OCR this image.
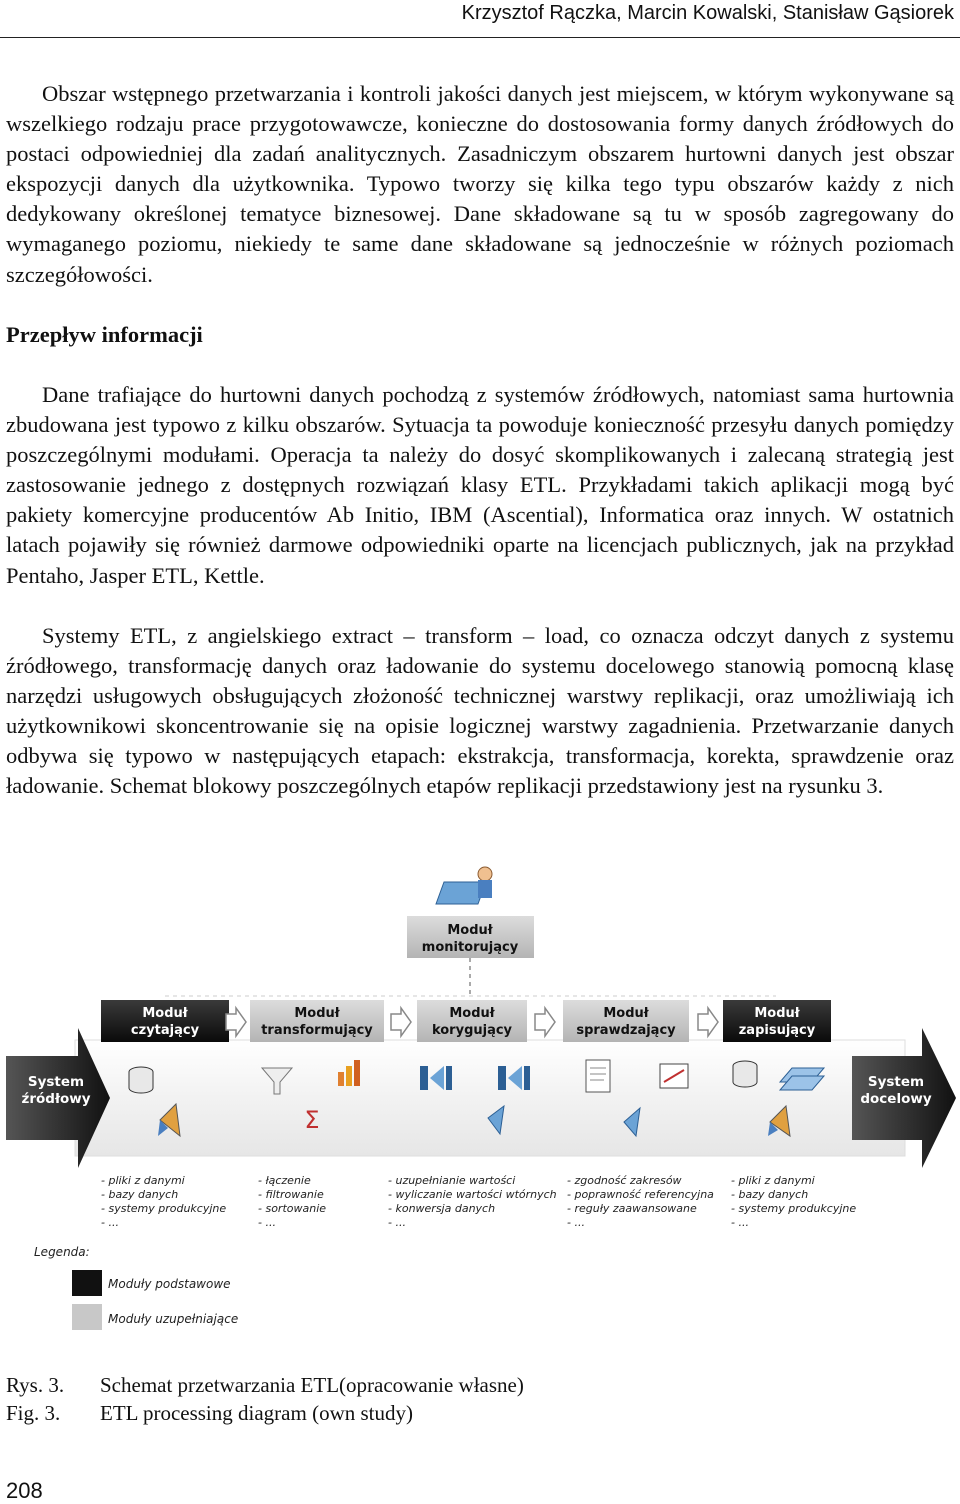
Krzysztof Rączka, Marcin Kowalski, Stanisław Gąsiorek

Obszar wstępnego przetwarzania i kontroli jakości danych jest miejscem, w którym wykonywane są wszelkiego rodzaju prace przygotowawcze, konieczne do dostosowania formy danych źródłowych do postaci odpowiedniej dla zadań analitycznych. Zasadniczym obszarem hurtowni danych jest obszar ekspozycji danych dla użytkownika. Typowo tworzy się kilka tego typu obszarów każdy z nich dedykowany określonej tematyce biznesowej. Dane składowane są tu w sposób zagregowany do wymaganego poziomu, niekiedy te same dane składowane są jednocześnie w różnych poziomach szczegółowości.

Przepływ informacji

Dane trafiające do hurtowni danych pochodzą z systemów źródłowych, natomiast sama hurtownia zbudowana jest typowo z kilku obszarów. Sytuacja ta powoduje konieczność przesyłu danych pomiędzy poszczególnymi modułami. Operacja ta należy do dosyć skomplikowanych i zalecaną strategią jest zastosowanie jednego z dostępnych rozwiązań klasy ETL. Przykładami takich aplikacji mogą być pakiety komercyjne producentów Ab Initio, IBM (Ascential), Informatica oraz innych. W ostatnich latach pojawiły się również darmowe odpowiedniki oparte na licencjach publicznych, jak na przykład Pentaho, Jasper ETL, Kettle.

Systemy ETL, z angielskiego extract – transform – load, co oznacza odczyt danych z systemu źródłowego, transformację danych oraz ładowanie do systemu docelowego stanowią pomocną klasę narzędzi usługowych obsługujących złożoność technicznej warstwy replikacji, oraz umożliwiają ich użytkownikowi skoncentrowanie się na opisie logicznej warstwy zagadnienia. Przetwarzanie danych odbywa się typowo w następujących etapach: ekstrakcja, transformacja, korekta, sprawdzenie oraz ładowanie. Schemat blokowy poszczególnych etapów replikacji przedstawiony jest na rysunku 3.

Moduł
monitorujący
System
źródłowy
System
docelowy
Moduł
czytający
Moduł
transformujący
Σ
Moduł
korygujący
Moduł
sprawdzający
Moduł
zapisujący
- pliki z danymi
- bazy danych
- systemy produkcyjne
- ...
- łączenie
- filtrowanie
- sortowanie
- ...
- uzupełnianie wartości
- wyliczanie wartości wtórnych
- konwersja danych
- ...
- zgodność zakresów
- poprawność referencyjna
- reguły zaawansowane
- ...
- pliki z danymi
- bazy danych
- systemy produkcyjne
- ...
Legenda:
Moduły podstawowe
Moduły uzupełniające
Rys. 3. Schemat przetwarzania ETL(opracowanie własne)
Fig. 3. ETL processing diagram (own study)
208
